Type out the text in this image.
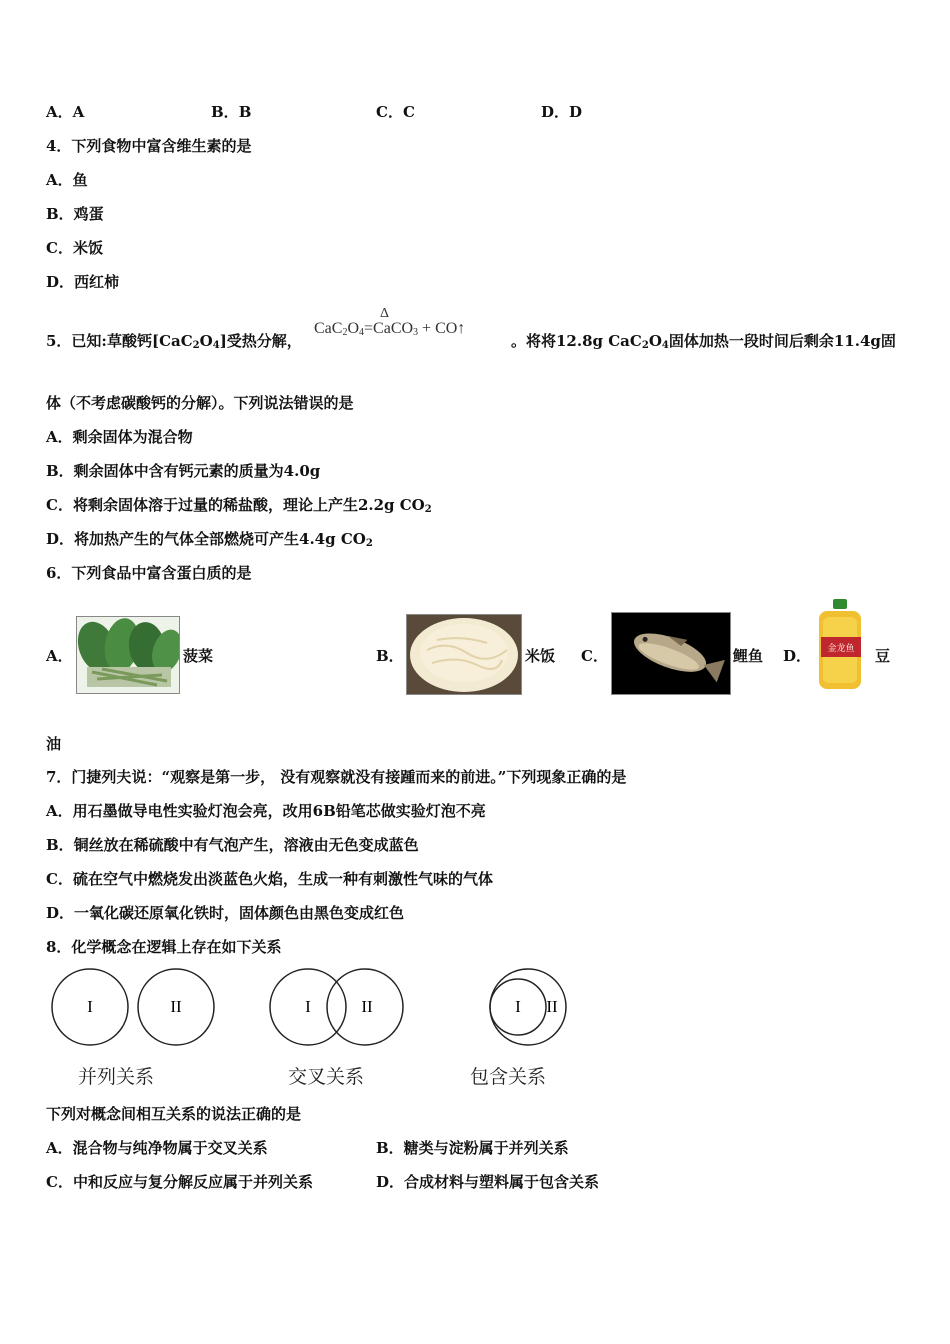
A．A	B．B	C．C	D．D
4．下列食物中富含维生素的是
A．鱼
B．鸡蛋
C．米饭
D．西红柿
5．已知:草酸钙$[CaC_2O_4]$受热分解，
Δ
$CaC_2O_4=CaCO_3$ + CO↑
。将将12.8g $CaC_2O_4$固体加热一段时间后剩余11.4g固
体（不考虑碳酸钙的分解）。下列说法错误的是
A．剩余固体为混合物
B．剩余固体中含有钙元素的质量为4.0g
C．将剩余固体溶于过量的稀盐酸，理论上产生2.2g $CO_2$
D．将加热产生的气体全部燃烧可产生4.4g $CO_2$
6．下列食品中富含蛋白质的是
A．	菠菜	B．	米饭 C．	鲤鱼 D． 金龙鱼 豆
油
7．门捷列夫说：“观察是第一步， 没有观察就没有接踵而来的前进。”下列现象正确的是
A．用石墨做导电性实验灯泡会亮，改用6B铅笔芯做实验灯泡不亮
B．铜丝放在稀硫酸中有气泡产生，溶液由无色变成蓝色
C．硫在空气中燃烧发出淡蓝色火焰，生成一种有刺激性气味的气体
D．一氧化碳还原氧化铁时，固体颜色由黑色变成红色
8．化学概念在逻辑上存在如下关系
I	II	I	II	I II
并列关系	交叉关系	包含关系
下列对概念间相互关系的说法正确的是
A．混合物与纯净物属于交叉关系	B．糖类与淀粉属于并列关系
C．中和反应与复分解反应属于并列关系	D．合成材料与塑料属于包含关系
